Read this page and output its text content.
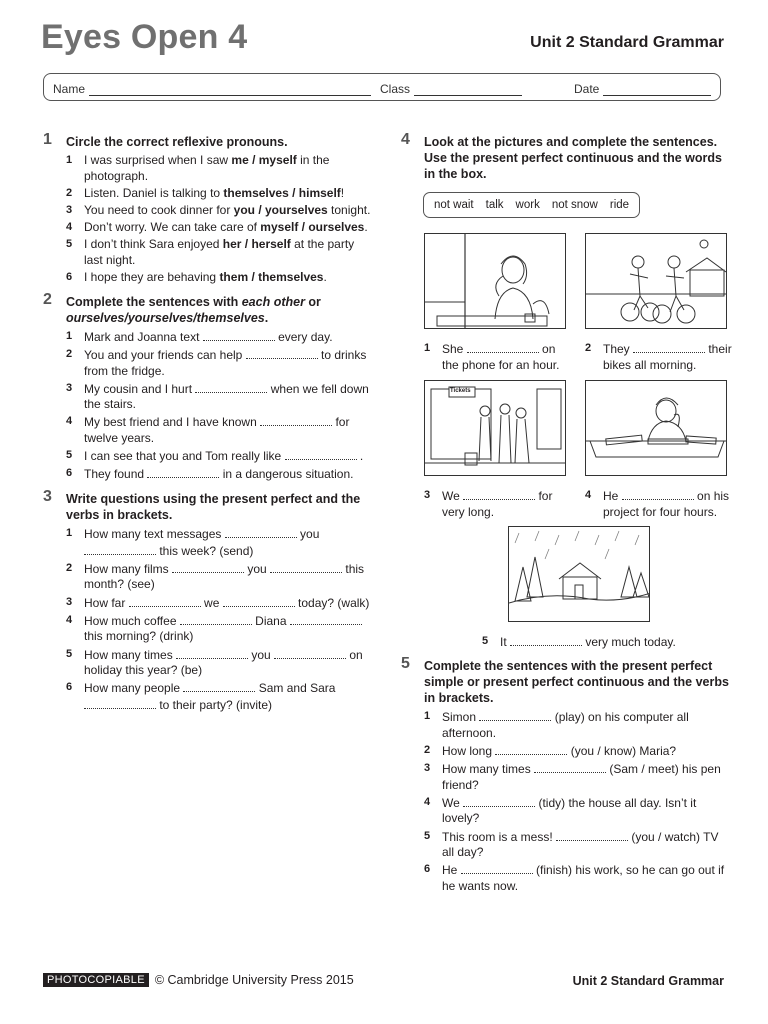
Eyes Open 4	Unit 2 Standard Grammar
Name	Class	Date
1 Circle the correct reflexive pronouns.
1 I was surprised when I saw me / myself in the photograph.
2 Listen. Daniel is talking to themselves / himself!
3 You need to cook dinner for you / yourselves tonight.
4 Don’t worry. We can take care of myself / ourselves.
5 I don’t think Sara enjoyed her / herself at the party last night.
6 I hope they are behaving them / themselves.
2 Complete the sentences with each other or ourselves/yourselves/themselves.
1 Mark and Joanna text	every day.
2 You and your friends can help	to drinks from the fridge.
3 My cousin and I hurt	when we fell down the stairs.
4 My best friend and I have known	for twelve years.
5 I can see that you and Tom really like	.
6 They found	in a dangerous situation.
3 Write questions using the present perfect and the verbs in brackets.
1 How many text messages	you  this week? (send)
2 How many films	you	this month? (see)
3 How far	we	today? (walk)
4 How much coffee	Diana  this morning? (drink)
5 How many times	you	on holiday this year? (be)
6 How many people	Sam and Sara  to their party? (invite)
4 Look at the pictures and complete the sentences. Use the present perfect continuous and the words in the box.
not wait talk work not snow ride
1 She	on the phone for an hour.
2 They	their bikes all morning.
Tickets
3 We	for very long.
4 He	on his project for four hours.
5 It	very much today.
5 Complete the sentences with the present perfect simple or present perfect continuous and the verbs in brackets.
1 Simon	(play) on his computer all afternoon.
2 How long	(you / know) Maria?
3 How many times	(Sam / meet) his pen friend?
4 We	(tidy) the house all day. Isn’t it lovely?
5 This room is a mess!	(you / watch) TV all day?
6 He	(finish) his work, so he can go out if he wants now.
PHOTOCOPIABLE © Cambridge University Press 2015	Unit 2 Standard Grammar
